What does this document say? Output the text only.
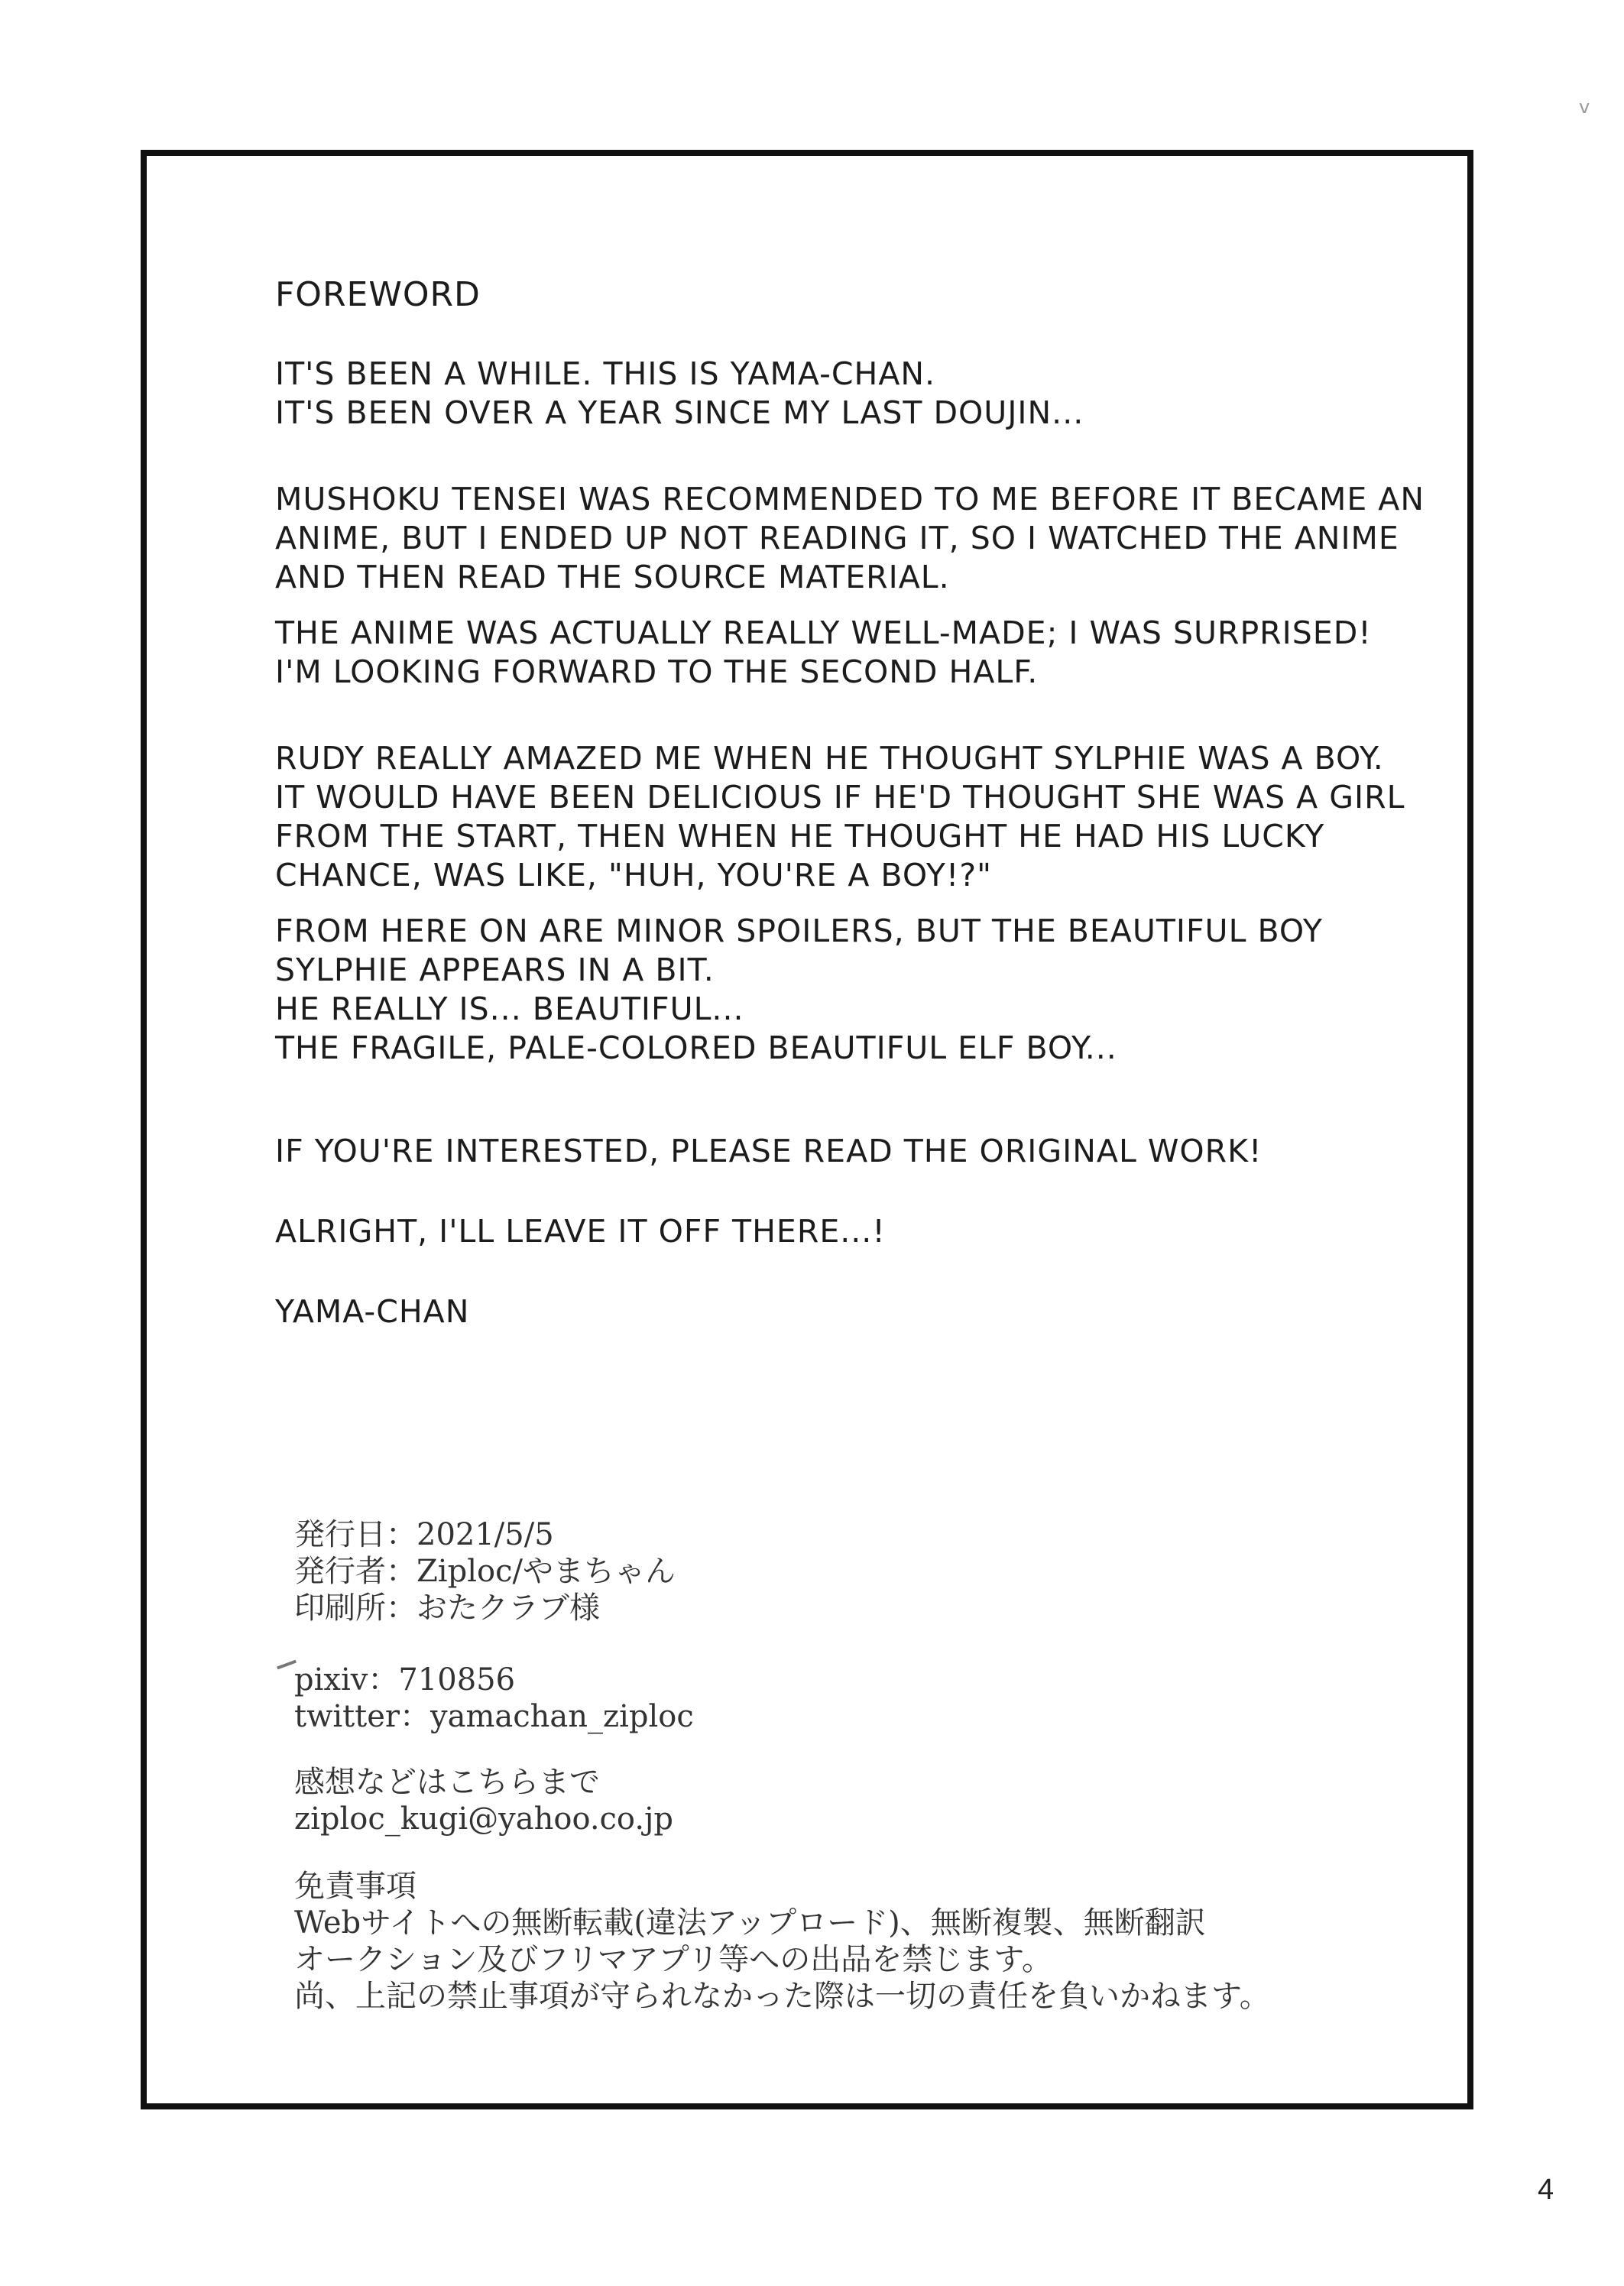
v
FOREWORD

IT'S BEEN A WHILE. THIS IS YAMA-CHAN.
IT'S BEEN OVER A YEAR SINCE MY LAST DOUJIN...

MUSHOKU TENSEI WAS RECOMMENDED TO ME BEFORE IT BECAME AN
ANIME, BUT I ENDED UP NOT READING IT, SO I WATCHED THE ANIME
AND THEN READ THE SOURCE MATERIAL.

THE ANIME WAS ACTUALLY REALLY WELL-MADE; I WAS SURPRISED!
I'M LOOKING FORWARD TO THE SECOND HALF.

RUDY REALLY AMAZED ME WHEN HE THOUGHT SYLPHIE WAS A BOY.
IT WOULD HAVE BEEN DELICIOUS IF HE'D THOUGHT SHE WAS A GIRL
FROM THE START, THEN WHEN HE THOUGHT HE HAD HIS LUCKY
CHANCE, WAS LIKE, "HUH, YOU'RE A BOY!?"

FROM HERE ON ARE MINOR SPOILERS, BUT THE BEAUTIFUL BOY
SYLPHIE APPEARS IN A BIT.
HE REALLY IS... BEAUTIFUL...
THE FRAGILE, PALE-COLORED BEAUTIFUL ELF BOY...

IF YOU'RE INTERESTED, PLEASE READ THE ORIGINAL WORK!

ALRIGHT, I'LL LEAVE IT OFF THERE...!

YAMA-CHAN

発行日：2021/5/5
発行者：Ziploc/やまちゃん
印刷所：おたクラブ様
pixiv：710856
twitter：yamachan_ziploc
感想などはこちらまで
ziploc_kugi@yahoo.co.jp
免責事項
Webサイトへの無断転載(違法アップロード)、無断複製、無断翻訳
オークション及びフリマアプリ等への出品を禁じます。
尚、上記の禁止事項が守られなかった際は一切の責任を負いかねます。
4
